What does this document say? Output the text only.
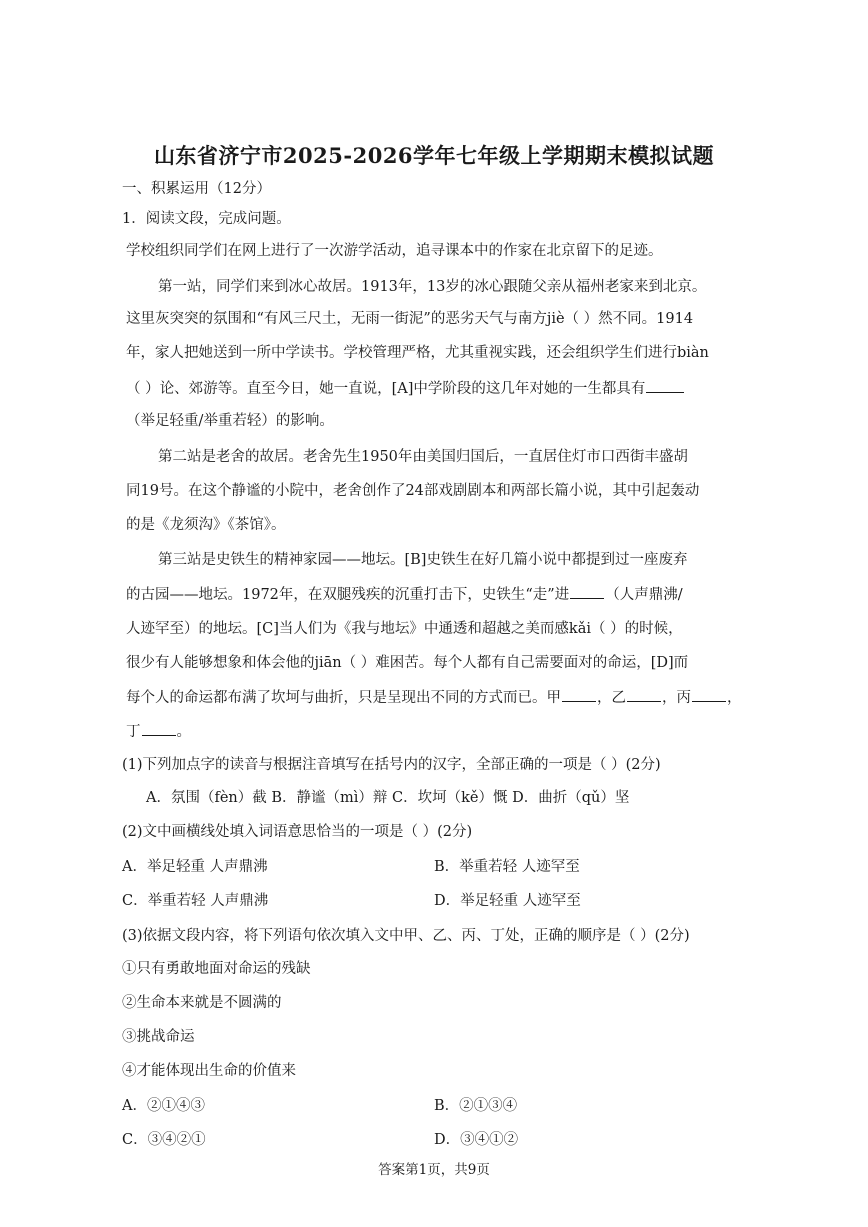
山东省济宁市2025-2026学年七年级上学期期末模拟试题
一、积累运用（12分）
1．阅读文段，完成问题。
学校组织同学们在网上进行了一次游学活动，追寻课本中的作家在北京留下的足迹。
第一站，同学们来到冰心故居。1913年，13岁的冰心跟随父亲从福州老家来到北京。
这里灰突突的氛围和“有风三尺土，无雨一街泥”的恶劣天气与南方jiè（ ）然不同。1914
年，家人把她送到一所中学读书。学校管理严格，尤其重视实践，还会组织学生们进行biàn
（ ）论、郊游等。直至今日，她一直说，[A]中学阶段的这几年对她的一生都具有
（举足轻重/举重若轻）的影响。
第二站是老舍的故居。老舍先生1950年由美国归国后，一直居住灯市口西街丰盛胡
同19号。在这个静谧的小院中，老舍创作了24部戏剧剧本和两部长篇小说，其中引起轰动
的是《龙须沟》《茶馆》。
第三站是史铁生的精神家园——地坛。[B]史铁生在好几篇小说中都提到过一座废弃
的古园——地坛。1972年，在双腿残疾的沉重打击下，史铁生“走”进 （人声鼎沸/
人迹罕至）的地坛。[C]当人们为《我与地坛》中通透和超越之美而感kǎi（ ）的时候，
很少有人能够想象和体会他的jiān（ ）难困苦。每个人都有自己需要面对的命运，[D]而
每个人的命运都布满了坎坷与曲折，只是呈现出不同的方式而已。甲 ，乙 ，丙 ，
丁 。
(1)下列加点字的读音与根据注音填写在括号内的汉字，全部正确的一项是（ ）(2分)
A．氛围（fèn）截 B．静谧（mì）辩 C．坎坷（kě）慨 D．曲折（qǔ）坚
(2)文中画横线处填入词语意思恰当的一项是（ ）(2分)
A．举足轻重 人声鼎沸	B．举重若轻 人迹罕至
C．举重若轻 人声鼎沸	D．举足轻重 人迹罕至
(3)依据文段内容，将下列语句依次填入文中甲、乙、丙、丁处，正确的顺序是（ ）(2分)
①只有勇敢地面对命运的残缺
②生命本来就是不圆满的
③挑战命运
④才能体现出生命的价值来
A．②①④③	B．②①③④
C．③④②①	D．③④①②
答案第1页，共9页
